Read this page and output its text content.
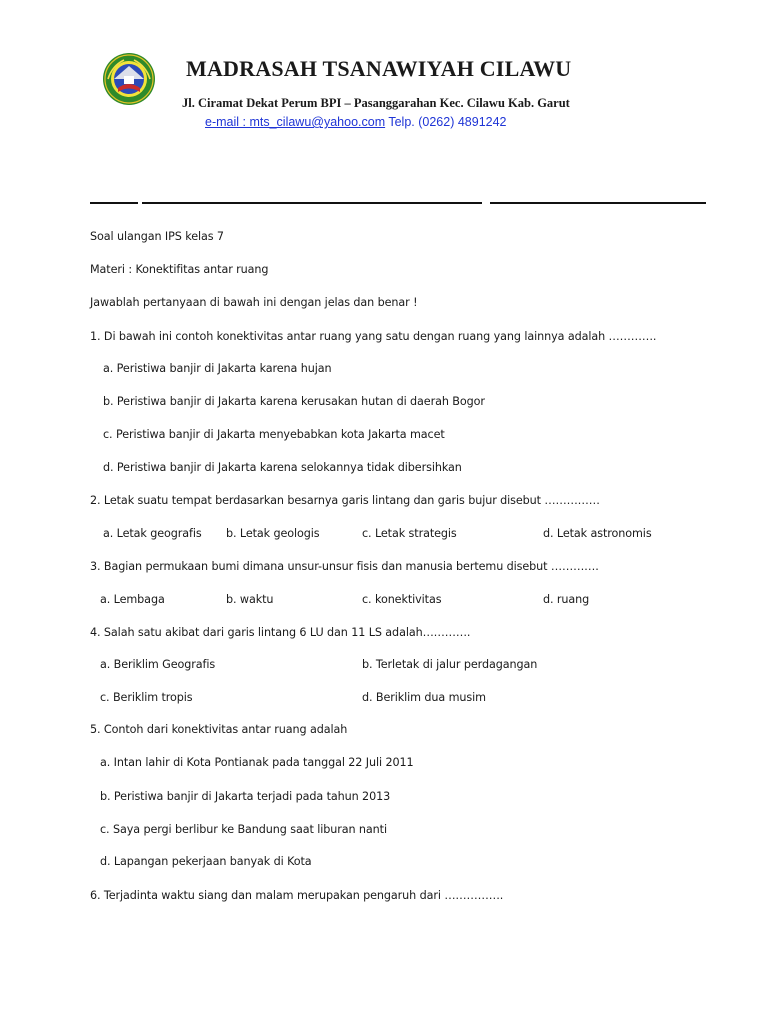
MADRASAH TSANAWIYAH CILAWU
Jl. Ciramat Dekat Perum BPI – Pasanggarahan Kec. Cilawu Kab. Garut
e-mail : mts_cilawu@yahoo.com Telp. (0262) 4891242
Soal ulangan IPS kelas 7
Materi : Konektifitas antar ruang
Jawablah pertanyaan di bawah ini dengan jelas dan benar !
1. Di bawah ini contoh konektivitas antar ruang yang satu dengan ruang yang lainnya adalah ………….
a. Peristiwa banjir di Jakarta karena hujan
b. Peristiwa banjir di Jakarta karena kerusakan hutan di daerah Bogor
c. Peristiwa banjir di Jakarta menyebabkan kota Jakarta macet
d. Peristiwa banjir di Jakarta karena selokannya tidak dibersihkan
2. Letak suatu tempat berdasarkan besarnya garis lintang dan garis bujur disebut ……………
a. Letak geografis b. Letak geologis	c. Letak strategis	d. Letak astronomis
3. Bagian permukaan bumi dimana unsur-unsur fisis dan manusia bertemu disebut ………….
a. Lembaga	b. waktu	c. konektivitas	d. ruang
4. Salah satu akibat dari garis lintang 6 LU dan 11 LS adalah………….
a. Beriklim Geografis	b. Terletak di jalur perdagangan
c. Beriklim tropis	d. Beriklim dua musim
5. Contoh dari konektivitas antar ruang adalah
a. Intan lahir di Kota Pontianak pada tanggal 22 Juli 2011
b. Peristiwa banjir di Jakarta terjadi pada tahun 2013
c. Saya pergi berlibur ke Bandung saat liburan nanti
d. Lapangan pekerjaan banyak di Kota
6. Terjadinta waktu siang dan malam merupakan pengaruh dari …………….
